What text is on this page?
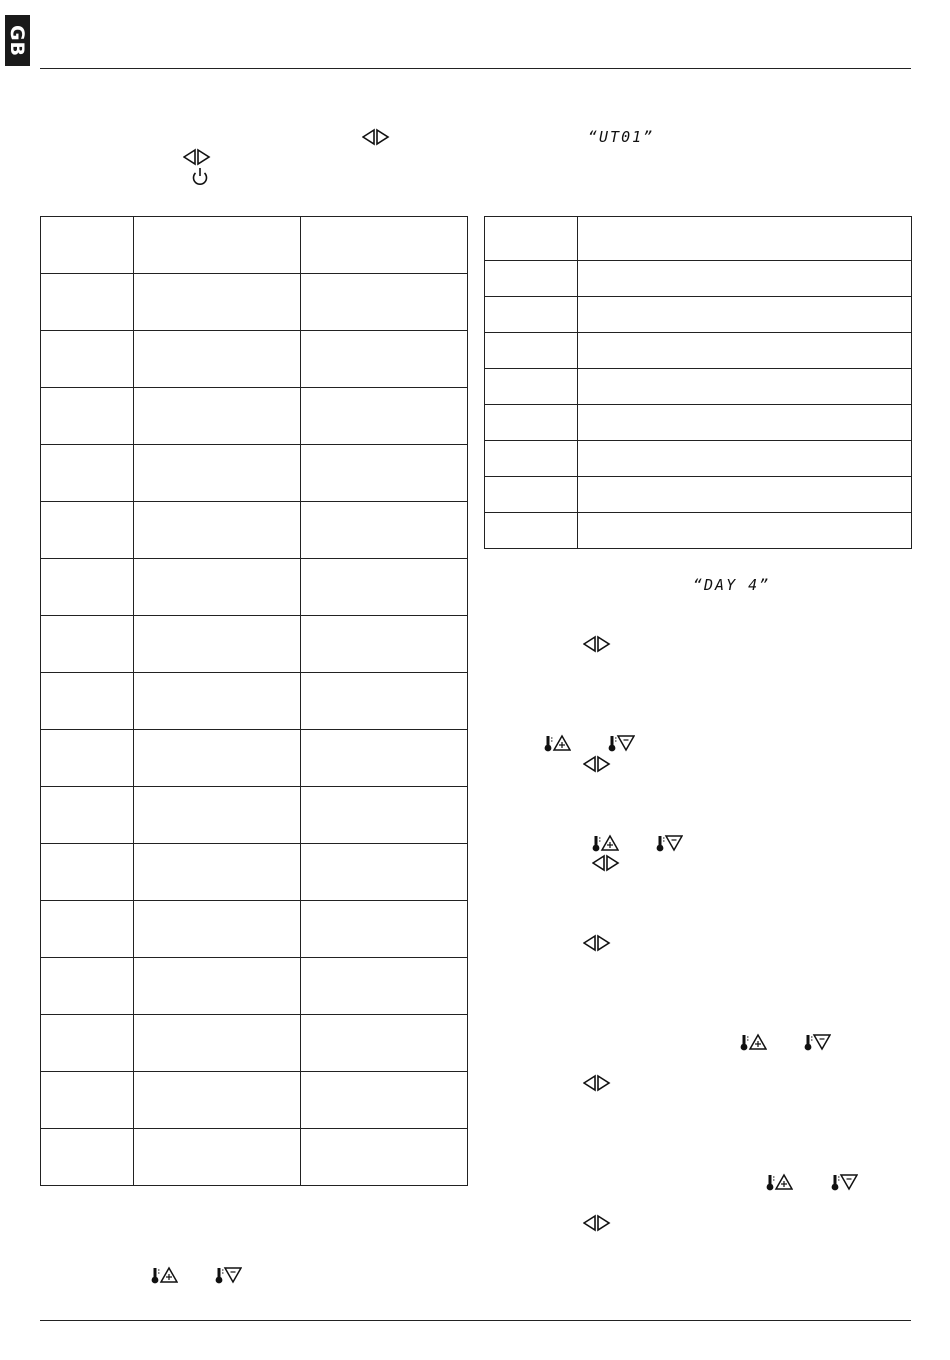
GB
“UT01”

“DAY 4”
